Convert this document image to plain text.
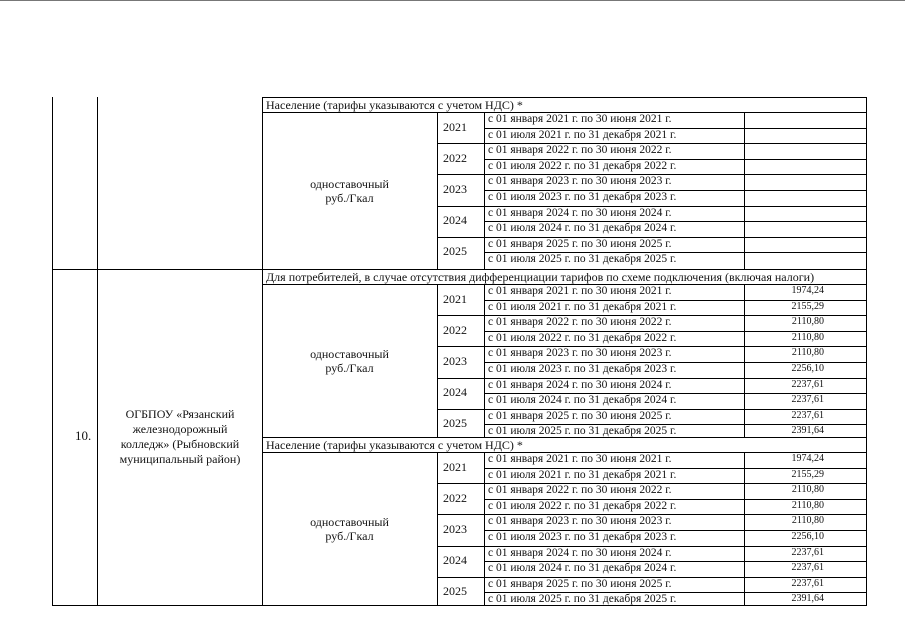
10.
ОГБПОУ «Рязанский железнодорожный колледж» (Рыбновский муниципальный район)
Население (тарифы указываются с учетом НДС) *
одноставочный
руб./Гкал
2021
с 01 января 2021 г. по 30 июня 2021 г.
с 01 июля 2021 г. по 31 декабря 2021 г.
2022
с 01 января 2022 г. по 30 июня 2022 г.
с 01 июля 2022 г. по 31 декабря 2022 г.
2023
с 01 января 2023 г. по 30 июня 2023 г.
с 01 июля 2023 г. по 31 декабря 2023 г.
2024
с 01 января 2024 г. по 30 июня 2024 г.
с 01 июля 2024 г. по 31 декабря 2024 г.
2025
с 01 января 2025 г. по 30 июня 2025 г.
с 01 июля 2025 г. по 31 декабря 2025 г.
Для потребителей, в случае отсутствия дифференциации тарифов по схеме подключения (включая налоги)
одноставочный
руб./Гкал
2021
с 01 января 2021 г. по 30 июня 2021 г.	1974,24
с 01 июля 2021 г. по 31 декабря 2021 г.	2155,29
2022
с 01 января 2022 г. по 30 июня 2022 г.	2110,80
с 01 июля 2022 г. по 31 декабря 2022 г.	2110,80
2023
с 01 января 2023 г. по 30 июня 2023 г.	2110,80
с 01 июля 2023 г. по 31 декабря 2023 г.	2256,10
2024
с 01 января 2024 г. по 30 июня 2024 г.	2237,61
с 01 июля 2024 г. по 31 декабря 2024 г.	2237,61
2025
с 01 января 2025 г. по 30 июня 2025 г.	2237,61
с 01 июля 2025 г. по 31 декабря 2025 г.	2391,64
Население (тарифы указываются с учетом НДС) *
одноставочный
руб./Гкал
2021
с 01 января 2021 г. по 30 июня 2021 г.	1974,24
с 01 июля 2021 г. по 31 декабря 2021 г.	2155,29
2022
с 01 января 2022 г. по 30 июня 2022 г.	2110,80
с 01 июля 2022 г. по 31 декабря 2022 г.	2110,80
2023
с 01 января 2023 г. по 30 июня 2023 г.	2110,80
с 01 июля 2023 г. по 31 декабря 2023 г.	2256,10
2024
с 01 января 2024 г. по 30 июня 2024 г.	2237,61
с 01 июля 2024 г. по 31 декабря 2024 г.	2237,61
2025
с 01 января 2025 г. по 30 июня 2025 г.	2237,61
с 01 июля 2025 г. по 31 декабря 2025 г.	2391,64
